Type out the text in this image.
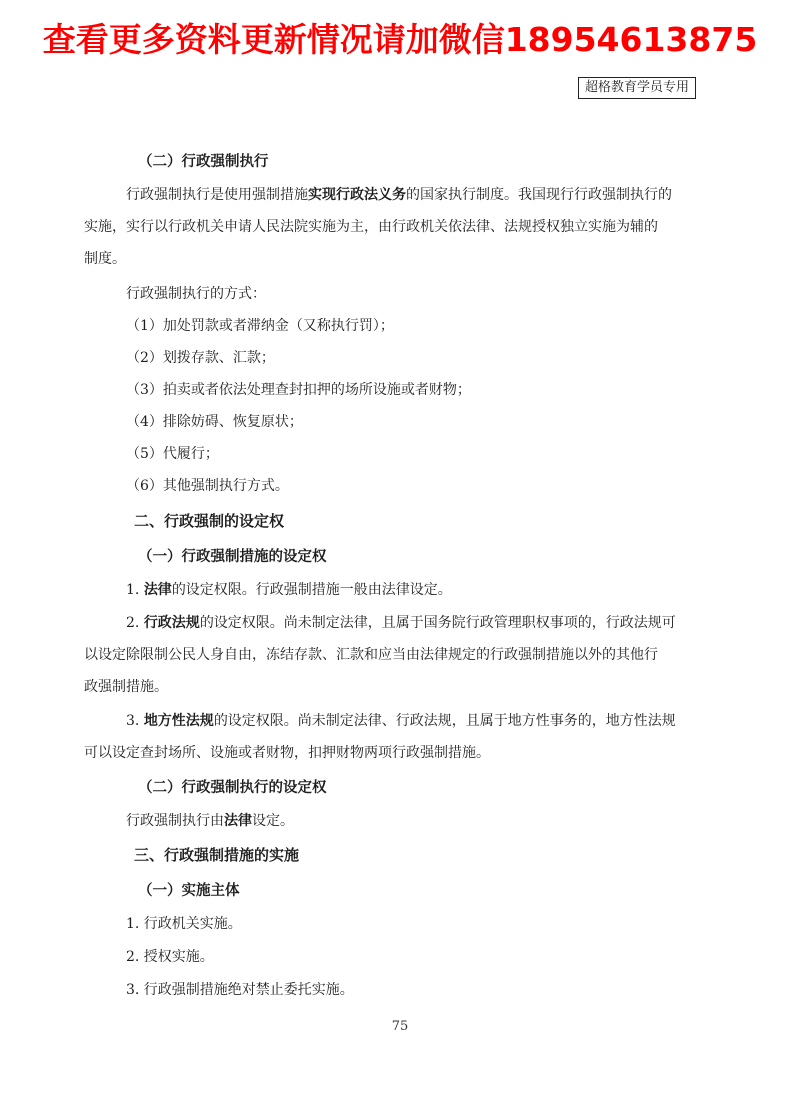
查看更多资料更新情况请加微信18954613875
超格教育学员专用
（二）行政强制执行
行政强制执行是使用强制措施实现行政法义务的国家执行制度。我国现行行政强制执行的
实施，实行以行政机关申请人民法院实施为主，由行政机关依法律、法规授权独立实施为辅的
制度。
行政强制执行的方式：
（1）加处罚款或者滞纳金（又称执行罚）；
（2）划拨存款、汇款；
（3）拍卖或者依法处理查封扣押的场所设施或者财物；
（4）排除妨碍、恢复原状；
（5）代履行；
（6）其他强制执行方式。
二、行政强制的设定权
（一）行政强制措施的设定权
1. 法律的设定权限。行政强制措施一般由法律设定。
2. 行政法规的设定权限。尚未制定法律，且属于国务院行政管理职权事项的，行政法规可
以设定除限制公民人身自由，冻结存款、汇款和应当由法律规定的行政强制措施以外的其他行
政强制措施。
3. 地方性法规的设定权限。尚未制定法律、行政法规，且属于地方性事务的，地方性法规
可以设定查封场所、设施或者财物，扣押财物两项行政强制措施。
（二）行政强制执行的设定权
行政强制执行由法律设定。
三、行政强制措施的实施
（一）实施主体
1. 行政机关实施。
2. 授权实施。
3. 行政强制措施绝对禁止委托实施。
75
